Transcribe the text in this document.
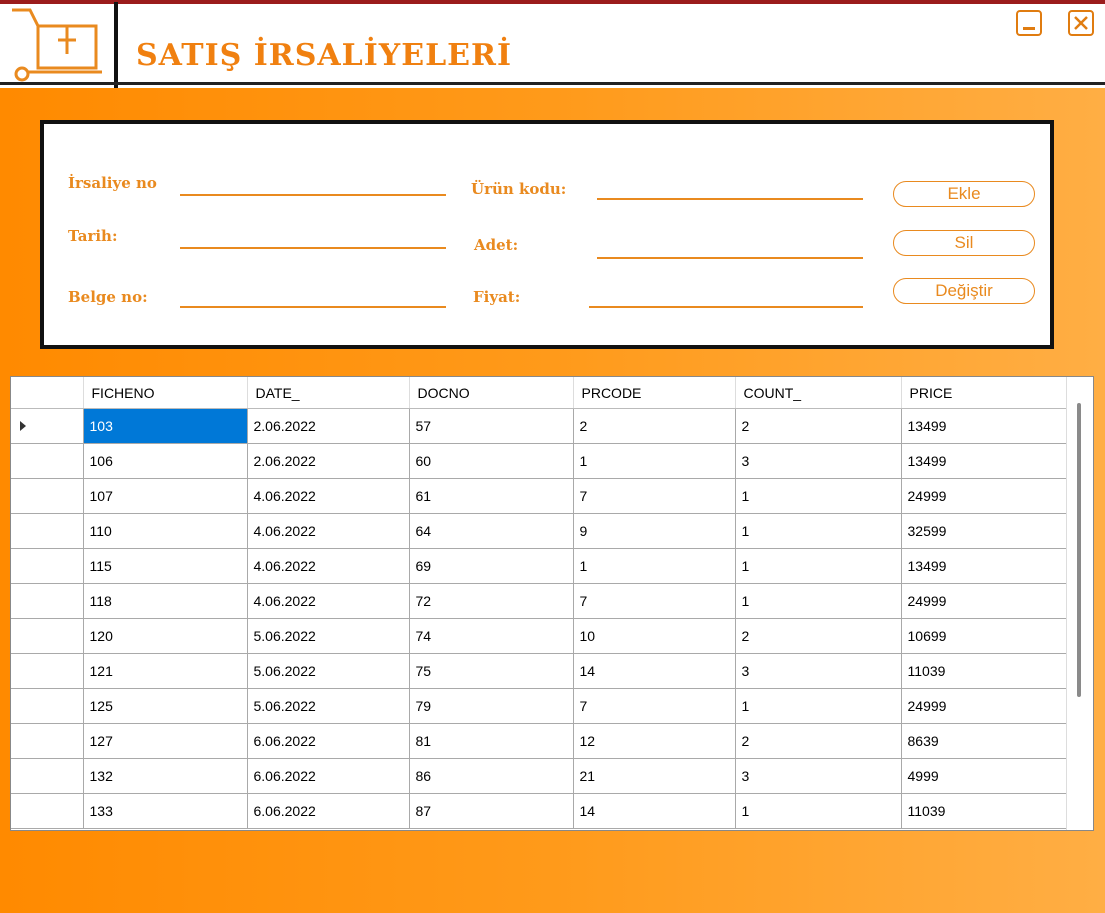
SATIŞ İRSALİYELERİ
İrsaliye no
Tarih:
Belge no:
Ürün kodu:
Adet:
Fiyat:
Ekle
Sil
Değiştir
	FICHENO	DATE_	DOCNO	PRCODE	COUNT_	PRICE

	103	2.06.2022	57	2	2	13499
	106	2.06.2022	60	1	3	13499
	107	4.06.2022	61	7	1	24999
	110	4.06.2022	64	9	1	32599
	115	4.06.2022	69	1	1	13499
	118	4.06.2022	72	7	1	24999
	120	5.06.2022	74	10	2	10699
	121	5.06.2022	75	14	3	11039
	125	5.06.2022	79	7	1	24999
	127	6.06.2022	81	12	2	8639
	132	6.06.2022	86	21	3	4999
	133	6.06.2022	87	14	1	11039
